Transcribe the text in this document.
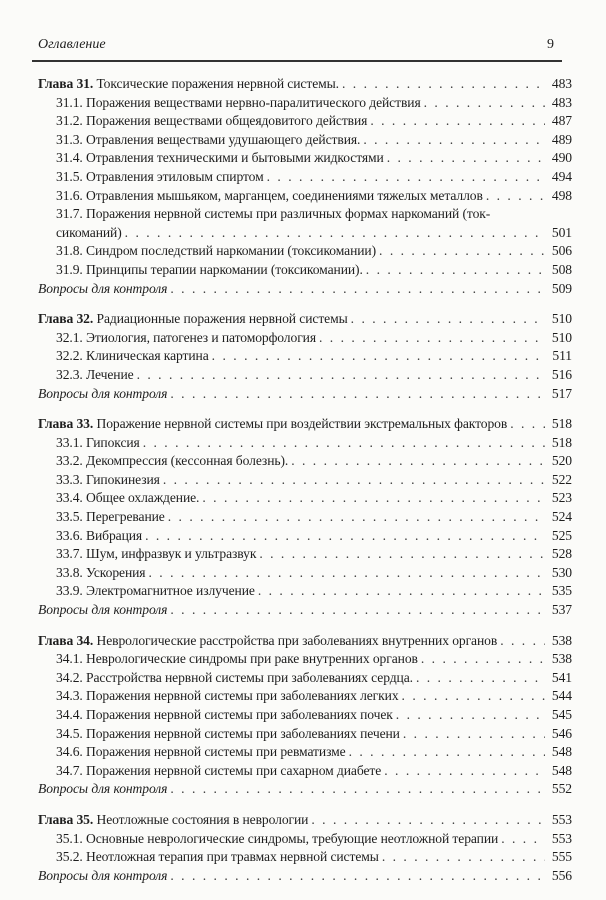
Оглавление	9
Глава 31. Токсические поражения нервной системы. . . .	483
31.1. Поражения веществами нервно-паралитического действия . . .	483
31.2. Поражения веществами общеядовитого действия . . .	487
31.3. Отравления веществами удушающего действия. . . .	489
31.4. Отравления техническими и бытовыми жидкостями . . .	490
31.5. Отравления этиловым спиртом . . .	494
31.6. Отравления мышьяком, марганцем, соединениями тяжелых металлов . . .	498
31.7. Поражения нервной системы при различных формах наркоманий (ток-
сикоманий) . . .	501
31.8. Синдром последствий наркомании (токсикомании) . . .	506
31.9. Принципы терапии наркомании (токсикомании). . . .	508
Вопросы для контроля . . .	509
Глава 32. Радиационные поражения нервной системы . . .	510
32.1. Этиология, патогенез и патоморфология . . .	510
32.2. Клиническая картина . . .	511
32.3. Лечение . . .	516
Вопросы для контроля . . .	517
Глава 33. Поражение нервной системы при воздействии экстремальных факторов . . .	518
33.1. Гипоксия . . .	518
33.2. Декомпрессия (кессонная болезнь). . . .	520
33.3. Гипокинезия . . .	522
33.4. Общее охлаждение. . . .	523
33.5. Перегревание . . .	524
33.6. Вибрация . . .	525
33.7. Шум, инфразвук и ультразвук . . .	528
33.8. Ускорения . . .	530
33.9. Электромагнитное излучение . . .	535
Вопросы для контроля . . .	537
Глава 34. Неврологические расстройства при заболеваниях внутренних органов . . .	538
34.1. Неврологические синдромы при раке внутренних органов . . .	538
34.2. Расстройства нервной системы при заболеваниях сердца. . . .	541
34.3. Поражения нервной системы при заболеваниях легких . . .	544
34.4. Поражения нервной системы при заболеваниях почек . . .	545
34.5. Поражения нервной системы при заболеваниях печени . . .	546
34.6. Поражения нервной системы при ревматизме . . .	548
34.7. Поражения нервной системы при сахарном диабете . . .	548
Вопросы для контроля . . .	552
Глава 35. Неотложные состояния в неврологии . . .	553
35.1. Основные неврологические синдромы, требующие неотложной терапии . . .	553
35.2. Неотложная терапия при травмах нервной системы . . .	555
Вопросы для контроля . . .	556
